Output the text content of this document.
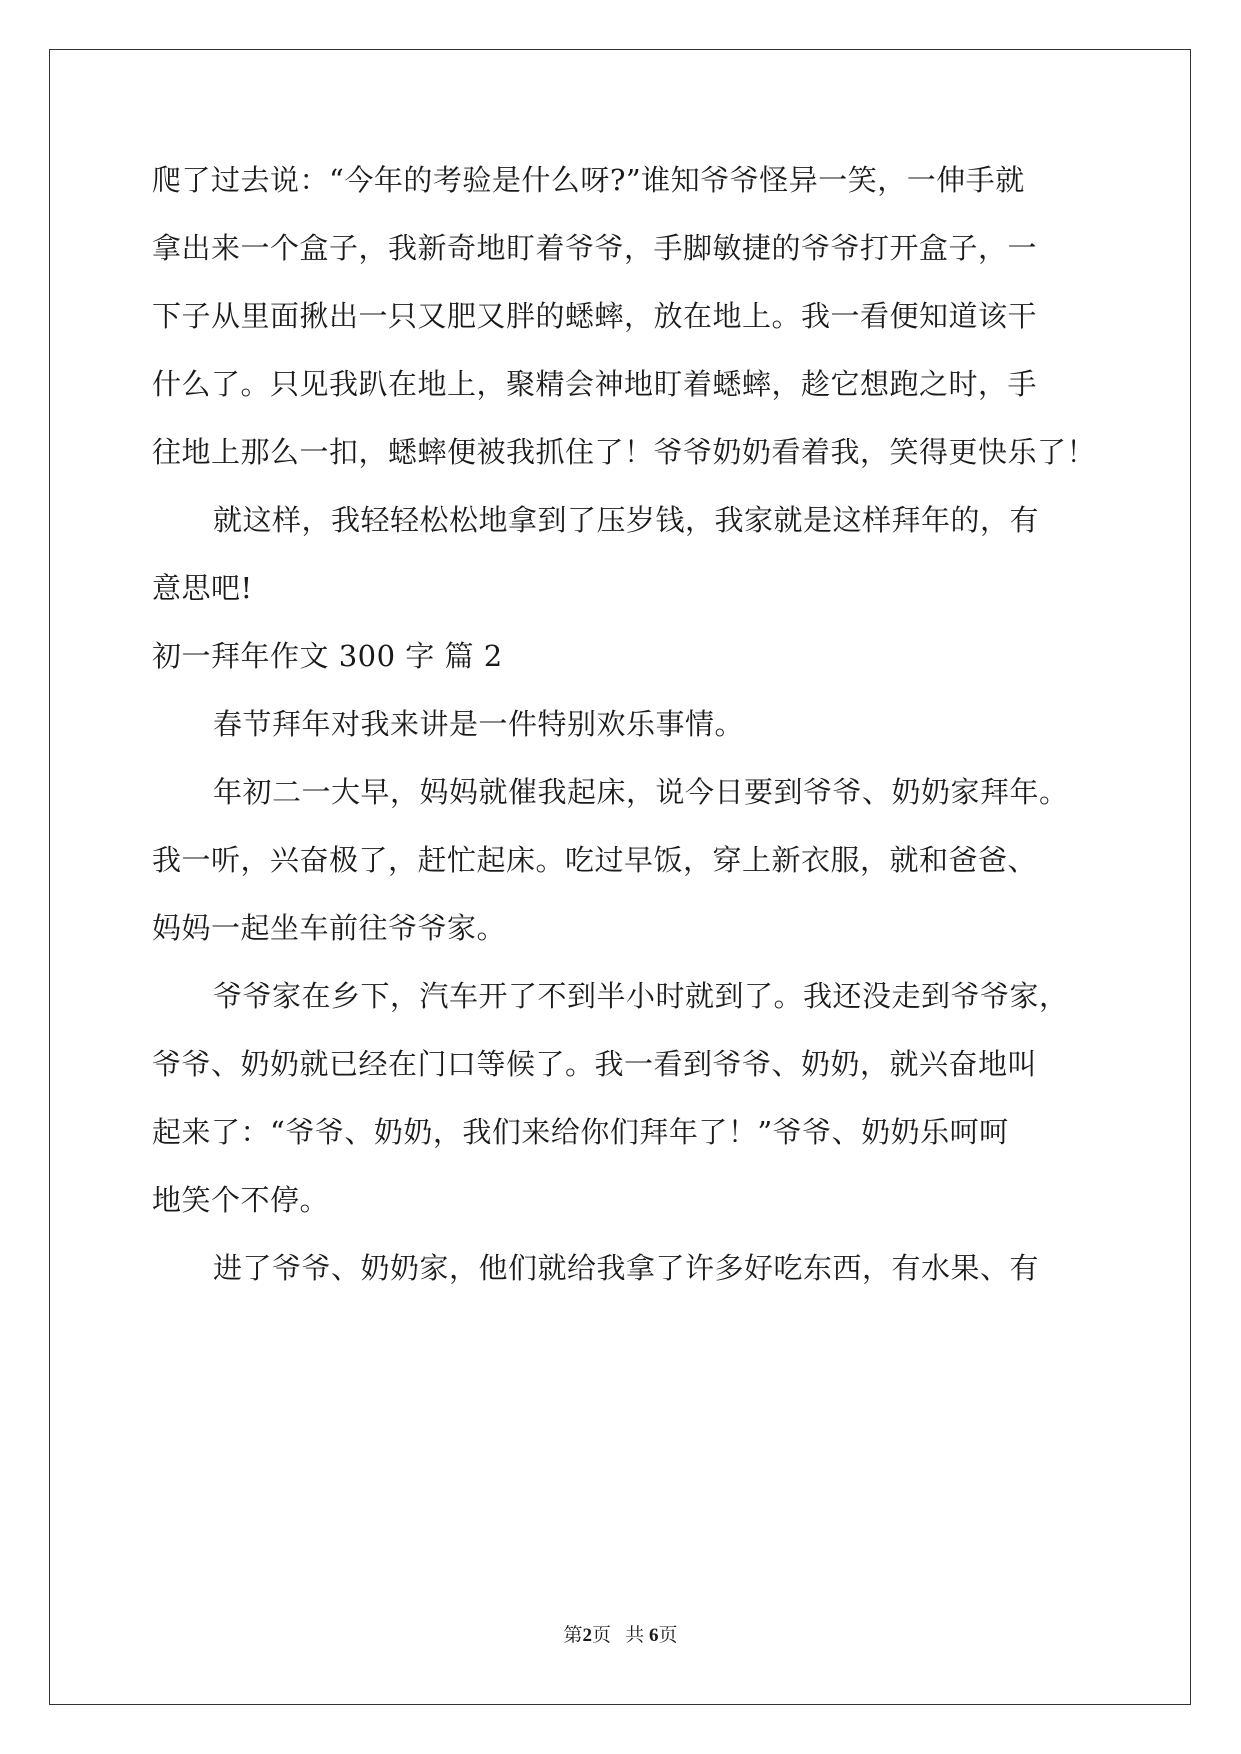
爬了过去说：“今年的考验是什么呀?”谁知爷爷怪异一笑，一伸手就
拿出来一个盒子，我新奇地盯着爷爷，手脚敏捷的爷爷打开盒子，一
下子从里面揪出一只又肥又胖的蟋蟀，放在地上。我一看便知道该干
什么了。只见我趴在地上，聚精会神地盯着蟋蟀，趁它想跑之时，手
往地上那么一扣，蟋蟀便被我抓住了！爷爷奶奶看着我，笑得更快乐了！
就这样，我轻轻松松地拿到了压岁钱，我家就是这样拜年的，有
意思吧!
初一拜年作文 300 字 篇 2
春节拜年对我来讲是一件特别欢乐事情。
年初二一大早，妈妈就催我起床，说今日要到爷爷、奶奶家拜年。
我一听，兴奋极了，赶忙起床。吃过早饭，穿上新衣服，就和爸爸、
妈妈一起坐车前往爷爷家。
爷爷家在乡下，汽车开了不到半小时就到了。我还没走到爷爷家，
爷爷、奶奶就已经在门口等候了。我一看到爷爷、奶奶，就兴奋地叫
起来了：“爷爷、奶奶，我们来给你们拜年了！”爷爷、奶奶乐呵呵
地笑个不停。
进了爷爷、奶奶家，他们就给我拿了许多好吃东西，有水果、有
第2页 共 6页
